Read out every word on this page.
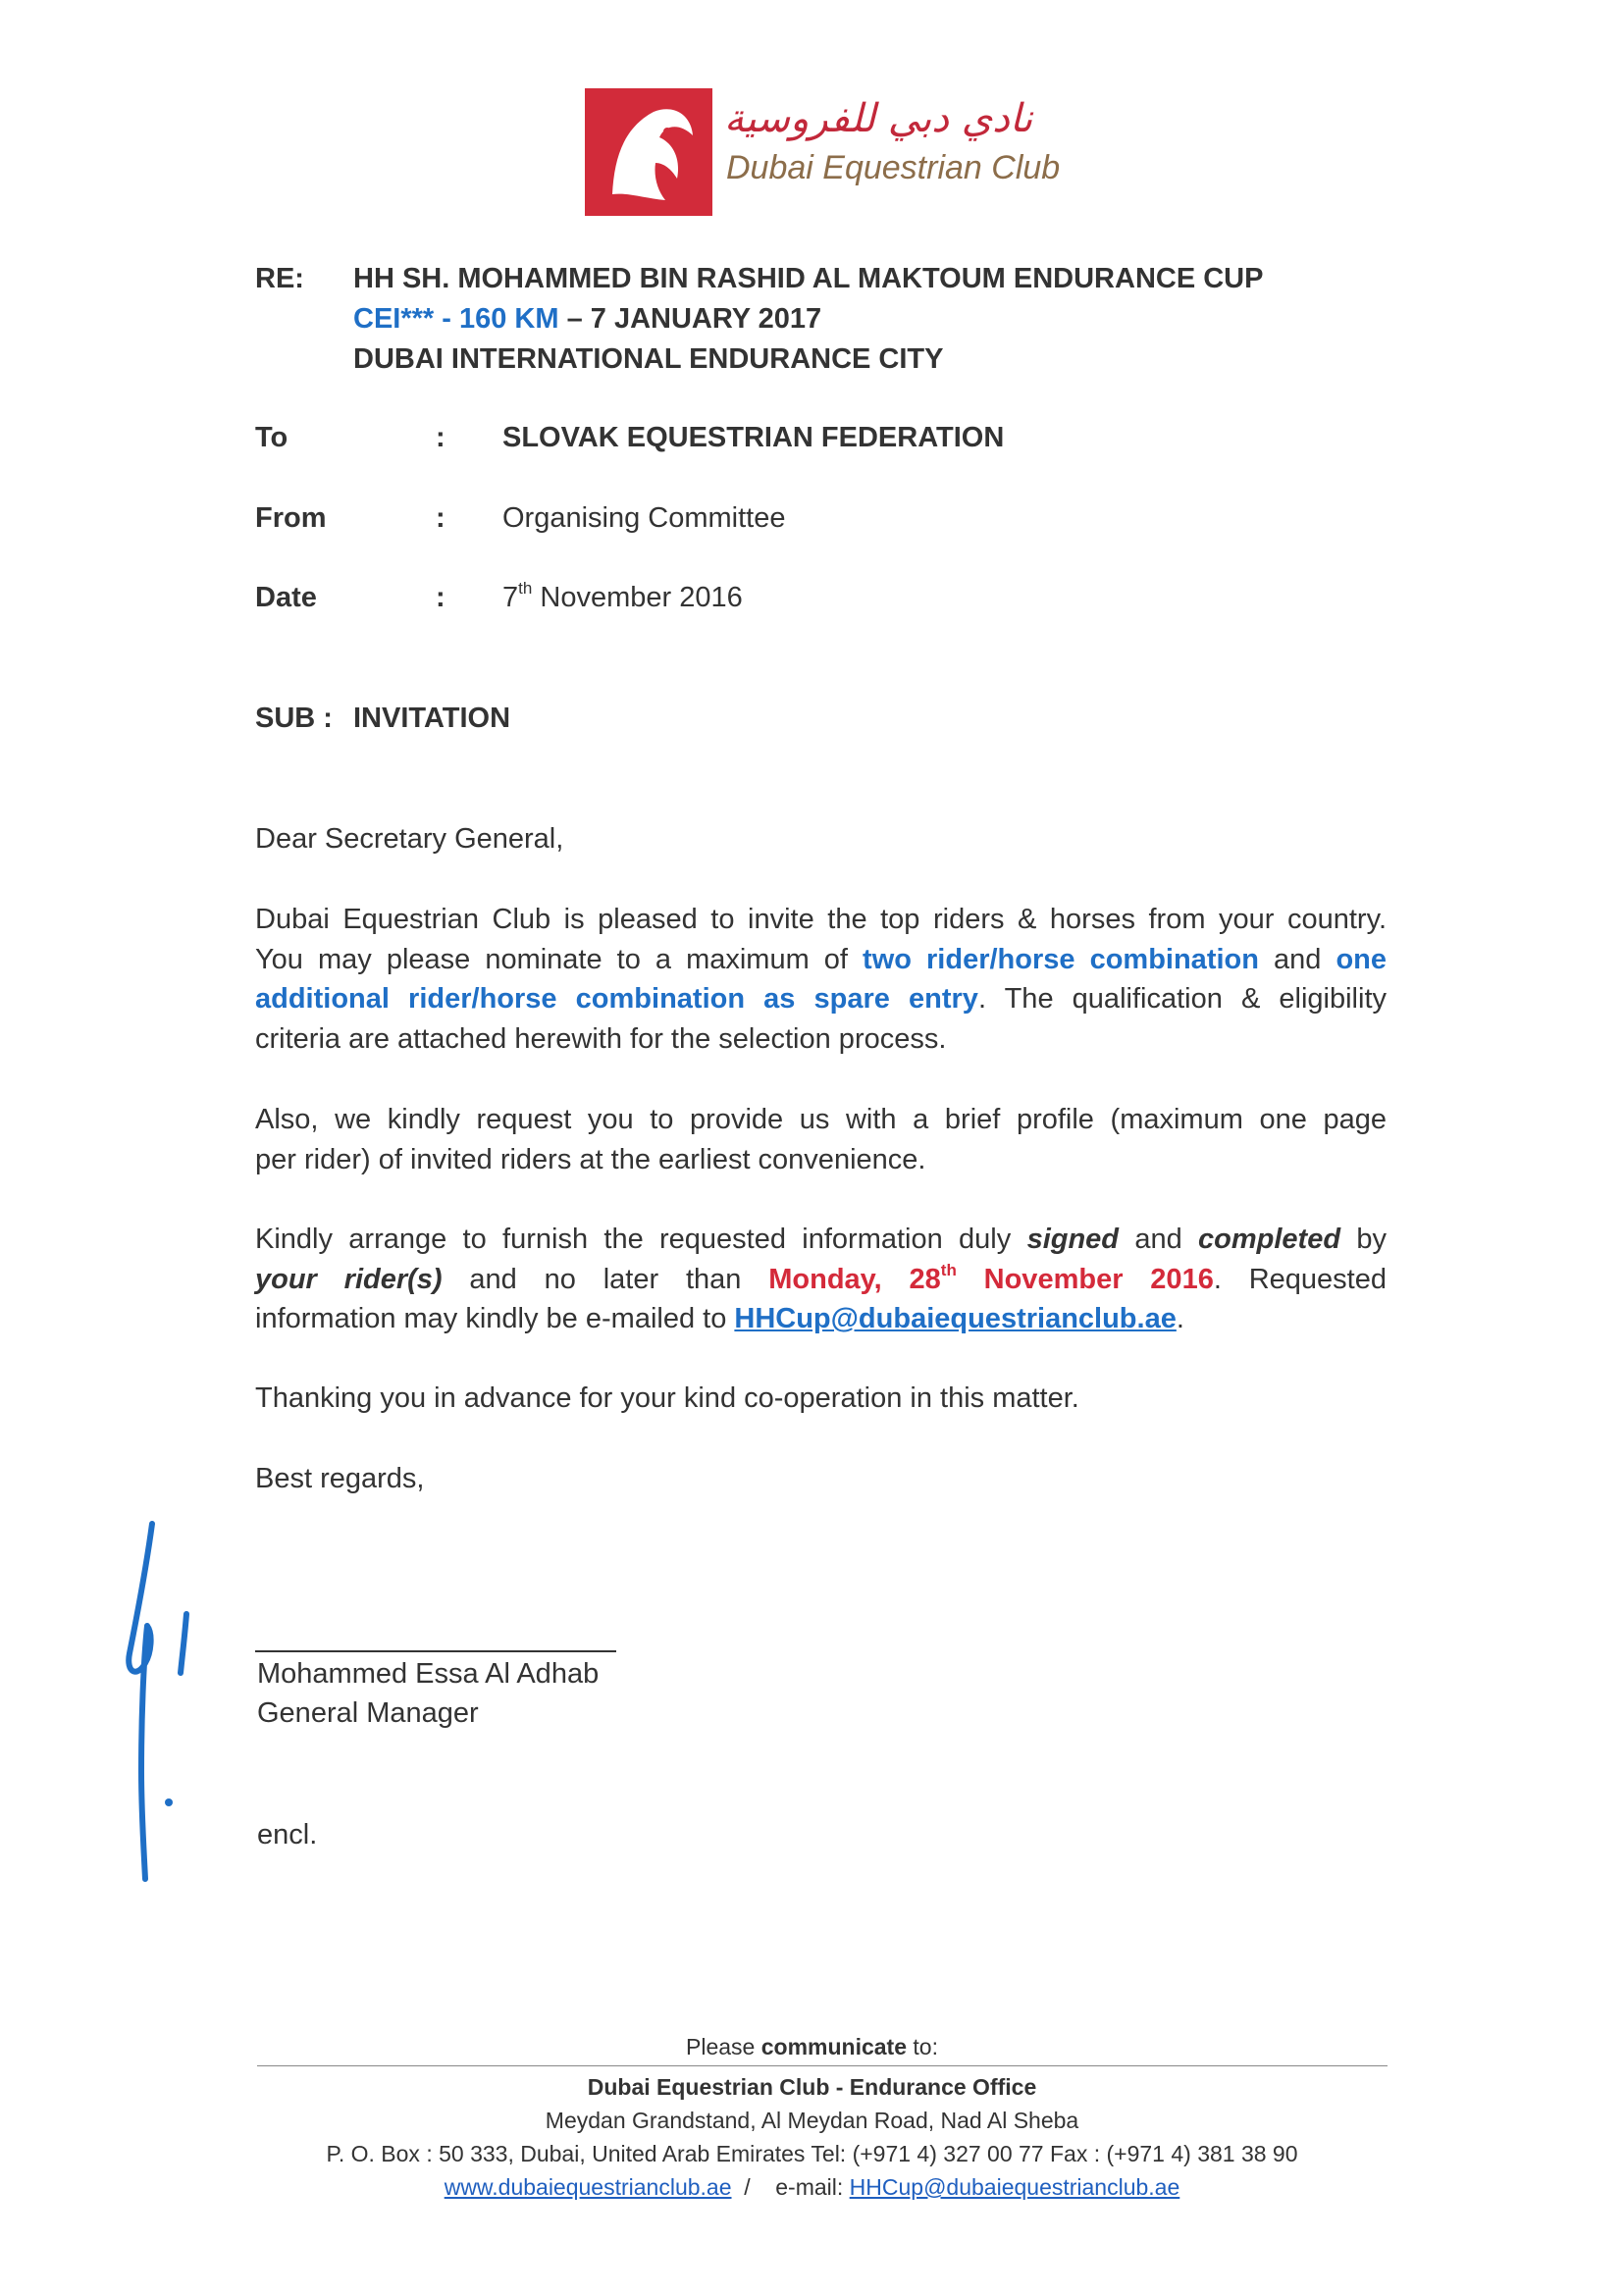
نادي دبي للفروسية
Dubai Equestrian Club
RE: HH SH. MOHAMMED BIN RASHID AL MAKTOUM ENDURANCE CUP
CEI*** - 160 KM – 7 JANUARY 2017
DUBAI INTERNATIONAL ENDURANCE CITY
To	: SLOVAK EQUESTRIAN FEDERATION
From	: Organising Committee
Date	: 7th November 2016
SUB : INVITATION
Dear Secretary General,
Dubai Equestrian Club is pleased to invite the top riders & horses from your country.
You may please nominate to a maximum of two rider/horse combination and one
additional rider/horse combination as spare entry. The qualification & eligibility
criteria are attached herewith for the selection process.
Also, we kindly request you to provide us with a brief profile (maximum one page
per rider) of invited riders at the earliest convenience.
Kindly arrange to furnish the requested information duly signed and completed by
your rider(s) and no later than Monday, 28th November 2016. Requested
information may kindly be e-mailed to HHCup@dubaiequestrianclub.ae.
Thanking you in advance for your kind co-operation in this matter.
Best regards,
Mohammed Essa Al Adhab
General Manager
encl.
Please communicate to:
Dubai Equestrian Club - Endurance Office
Meydan Grandstand, Al Meydan Road, Nad Al Sheba
P. O. Box : 50 333, Dubai, United Arab Emirates Tel: (+971 4) 327 00 77 Fax : (+971 4) 381 38 90
www.dubaiequestrianclub.ae  /    e-mail: HHCup@dubaiequestrianclub.ae
